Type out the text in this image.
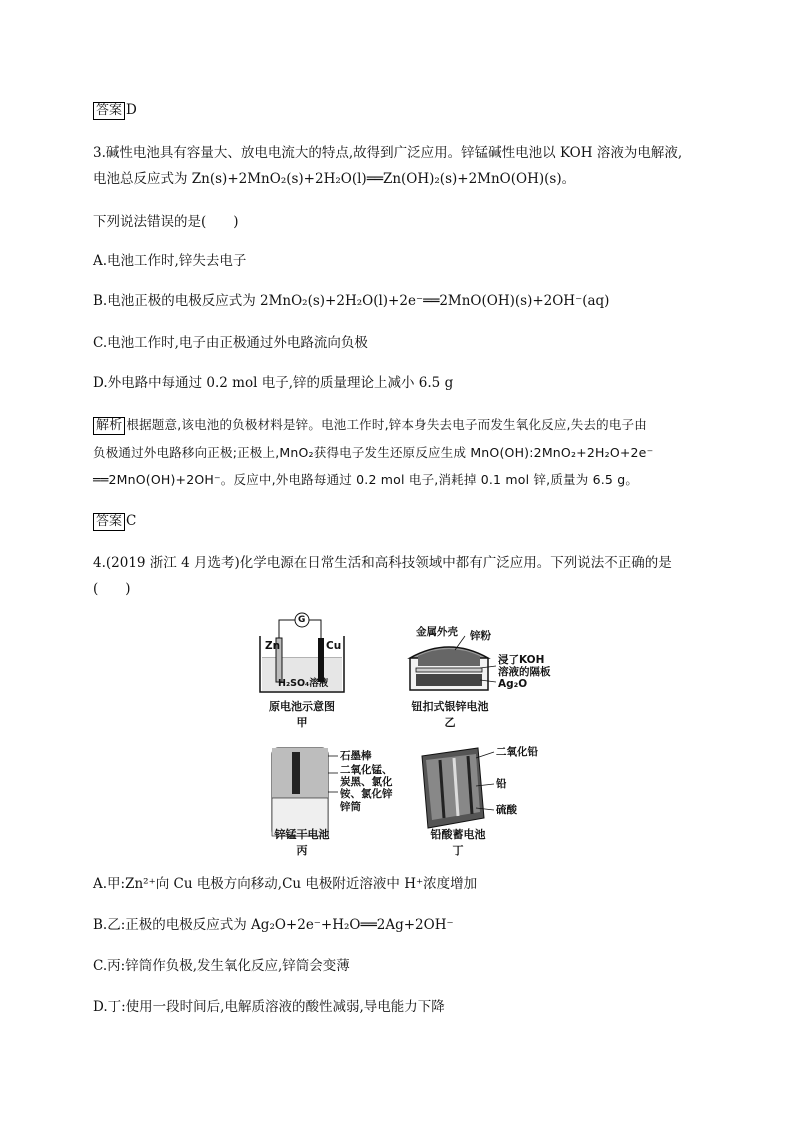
答案 D
3.碱性电池具有容量大、放电电流大的特点,故得到广泛应用。锌锰碱性电池以 KOH 溶液为电解液,
电池总反应式为 Zn(s)+2MnO₂(s)+2H₂O(l)══Zn(OH)₂(s)+2MnO(OH)(s)。
下列说法错误的是(　　)
A.电池工作时,锌失去电子
B.电池正极的电极反应式为 2MnO₂(s)+2H₂O(l)+2e⁻══2MnO(OH)(s)+2OH⁻(aq)
C.电池工作时,电子由正极通过外电路流向负极
D.外电路中每通过 0.2 mol 电子,锌的质量理论上减小 6.5 g
解析 根据题意,该电池的负极材料是锌。电池工作时,锌本身失去电子而发生氧化反应,失去的电子由
负极通过外电路移向正极;正极上,MnO₂获得电子发生还原反应生成 MnO(OH):2MnO₂+2H₂O+2e⁻
══2MnO(OH)+2OH⁻。反应中,外电路每通过 0.2 mol 电子,消耗掉 0.1 mol 锌,质量为 6.5 g。
答案 C
4.(2019 浙江 4 月选考)化学电源在日常生活和高科技领域中都有广泛应用。下列说法不正确的是
(　　)
Zn	Cu
G
H₂SO₄溶液
原电池示意图
甲
金属外壳 锌粉
浸了KOH
溶液的隔板
Ag₂O
钮扣式银锌电池
乙
石墨棒
二氧化锰、
炭黑、氯化
铵、氯化锌
锌筒
锌锰干电池
丙
二氧化铅
铅
硫酸
铅酸蓄电池
丁
A.甲:Zn²⁺向 Cu 电极方向移动,Cu 电极附近溶液中 H⁺浓度增加
B.乙:正极的电极反应式为 Ag₂O+2e⁻+H₂O══2Ag+2OH⁻
C.丙:锌筒作负极,发生氧化反应,锌筒会变薄
D.丁:使用一段时间后,电解质溶液的酸性减弱,导电能力下降
